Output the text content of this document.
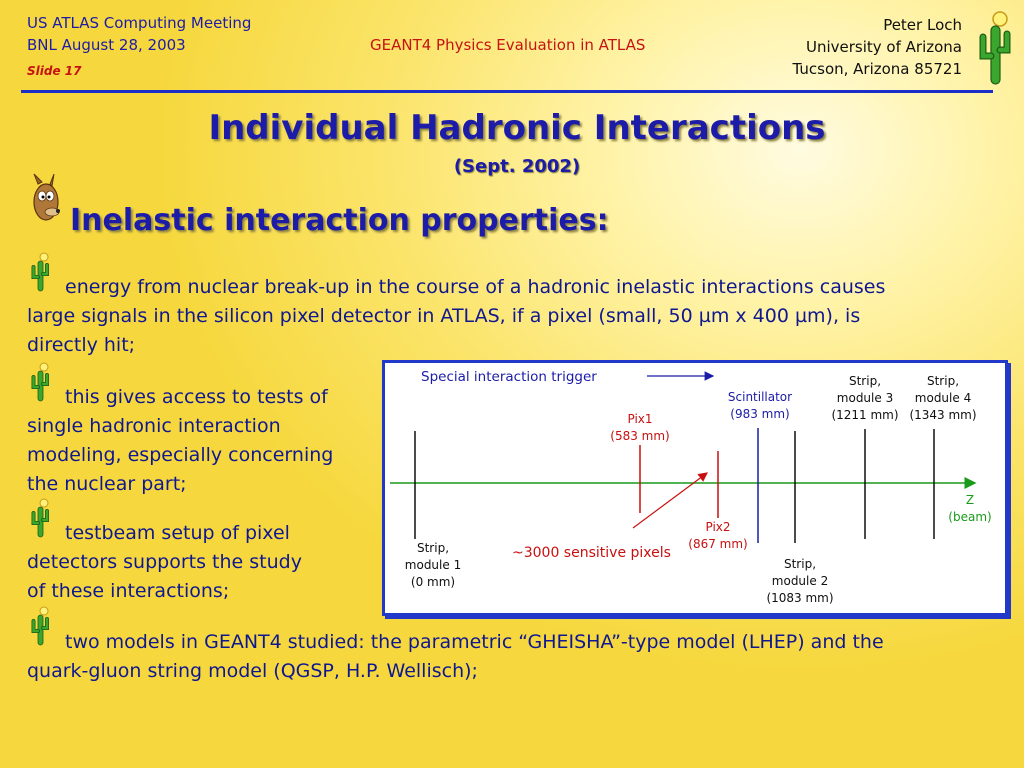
US ATLAS Computing Meeting
BNL August 28, 2003
Slide 17
GEANT4 Physics Evaluation in ATLAS
Peter Loch
University of Arizona
Tucson, Arizona 85721
Individual Hadronic Interactions
(Sept. 2002)
Inelastic interaction properties:
energy from nuclear break-up in the course of a hadronic inelastic interactions causes
large signals in the silicon pixel detector in ATLAS, if a pixel (small, 50 µm x 400 µm), is
directly hit;
this gives access to tests of
single hadronic interaction
modeling, especially concerning
the nuclear part;
testbeam setup of pixel
detectors supports the study
of these interactions;
two models in GEANT4 studied: the parametric “GHEISHA”-type model (LHEP) and the
quark-gluon string model (QGSP, H.P. Wellisch);
Special interaction trigger
Strip,
module 1
(0 mm)
Pix1
(583 mm)
Pix2
(867 mm)
~3000 sensitive pixels
Scintillator
(983 mm)
Strip,
module 2
(1083 mm)
Strip,
module 3
(1211 mm)
Strip,
module 4
(1343 mm)
Z
(beam)
